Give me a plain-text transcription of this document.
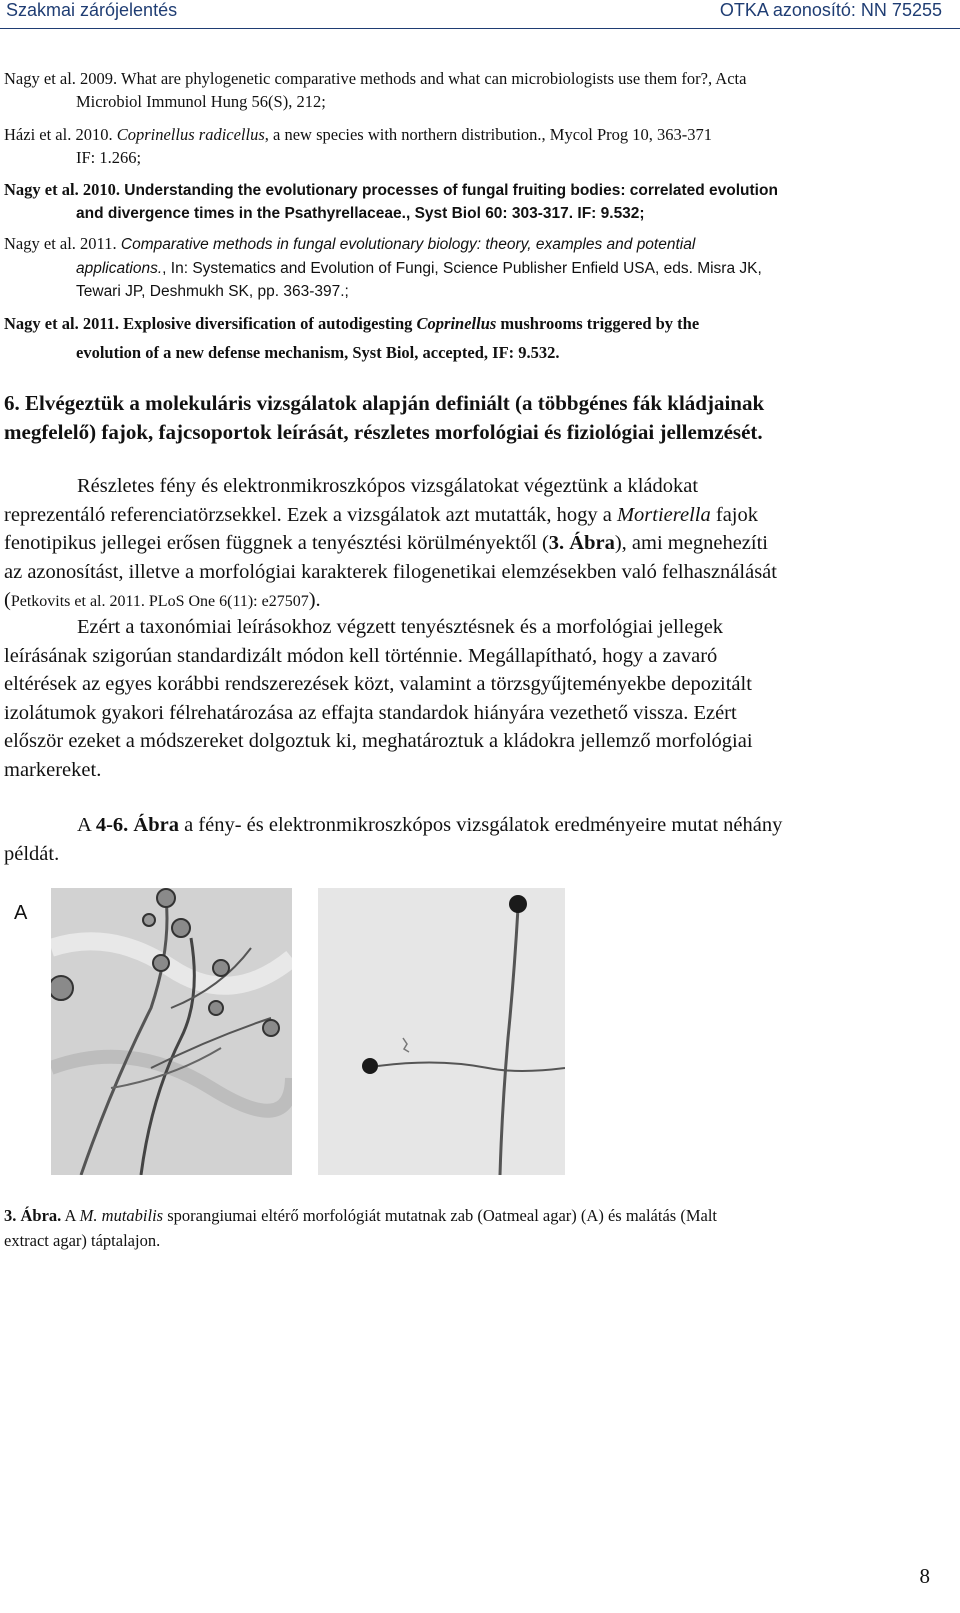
Szakmai zárójelentés	OTKA azonosító: NN 75255
Nagy et al. 2009. What are phylogenetic comparative methods and what can microbiologists use them for?, Acta
Microbiol Immunol Hung 56(S), 212;
Házi et al. 2010. Coprinellus radicellus, a new species with northern distribution., Mycol Prog 10, 363-371
IF: 1.266;
Nagy et al. 2010. Understanding the evolutionary processes of fungal fruiting bodies: correlated evolution
and divergence times in the Psathyrellaceae., Syst Biol 60: 303-317. IF: 9.532;
Nagy et al. 2011. Comparative methods in fungal evolutionary biology: theory, examples and potential
applications., In: Systematics and Evolution of Fungi, Science Publisher Enfield USA, eds. Misra JK,
Tewari JP, Deshmukh SK, pp. 363-397.;
Nagy et al. 2011. Explosive diversification of autodigesting Coprinellus mushrooms triggered by the
evolution of a new defense mechanism, Syst Biol, accepted, IF: 9.532.
6. Elvégeztük a molekuláris vizsgálatok alapján definiált (a többgénes fák kládjainak
megfelelő) fajok, fajcsoportok leírását, részletes morfológiai és fiziológiai jellemzését.
Részletes fény és elektronmikroszkópos vizsgálatokat végeztünk a kládokat
reprezentáló referenciatörzsekkel. Ezek a vizsgálatok azt mutatták, hogy a Mortierella fajok
fenotipikus jellegei erősen függnek a tenyésztési körülményektől (3. Ábra), ami megnehezíti
az azonosítást, illetve a morfológiai karakterek filogenetikai elemzésekben való felhasználását
(Petkovits et al. 2011. PLoS One 6(11): e27507).
Ezért a taxonómiai leírásokhoz végzett tenyésztésnek és a morfológiai jellegek
leírásának szigorúan standardizált módon kell történnie. Megállapítható, hogy a zavaró
eltérések az egyes korábbi rendszerezések közt, valamint a törzsgyűjteményekbe depozitált
izolátumok gyakori félrehatározása az effajta standardok hiányára vezethető vissza. Ezért
először ezeket a módszereket dolgoztuk ki, meghatároztuk a kládokra jellemző morfológiai
markereket.
A 4-6. Ábra a fény- és elektronmikroszkópos vizsgálatok eredményeire mutat néhány
példát.
A
3. Ábra. A M. mutabilis sporangiumai eltérő morfológiát mutatnak zab (Oatmeal agar) (A) és malátás (Malt
extract agar) táptalajon.
8
